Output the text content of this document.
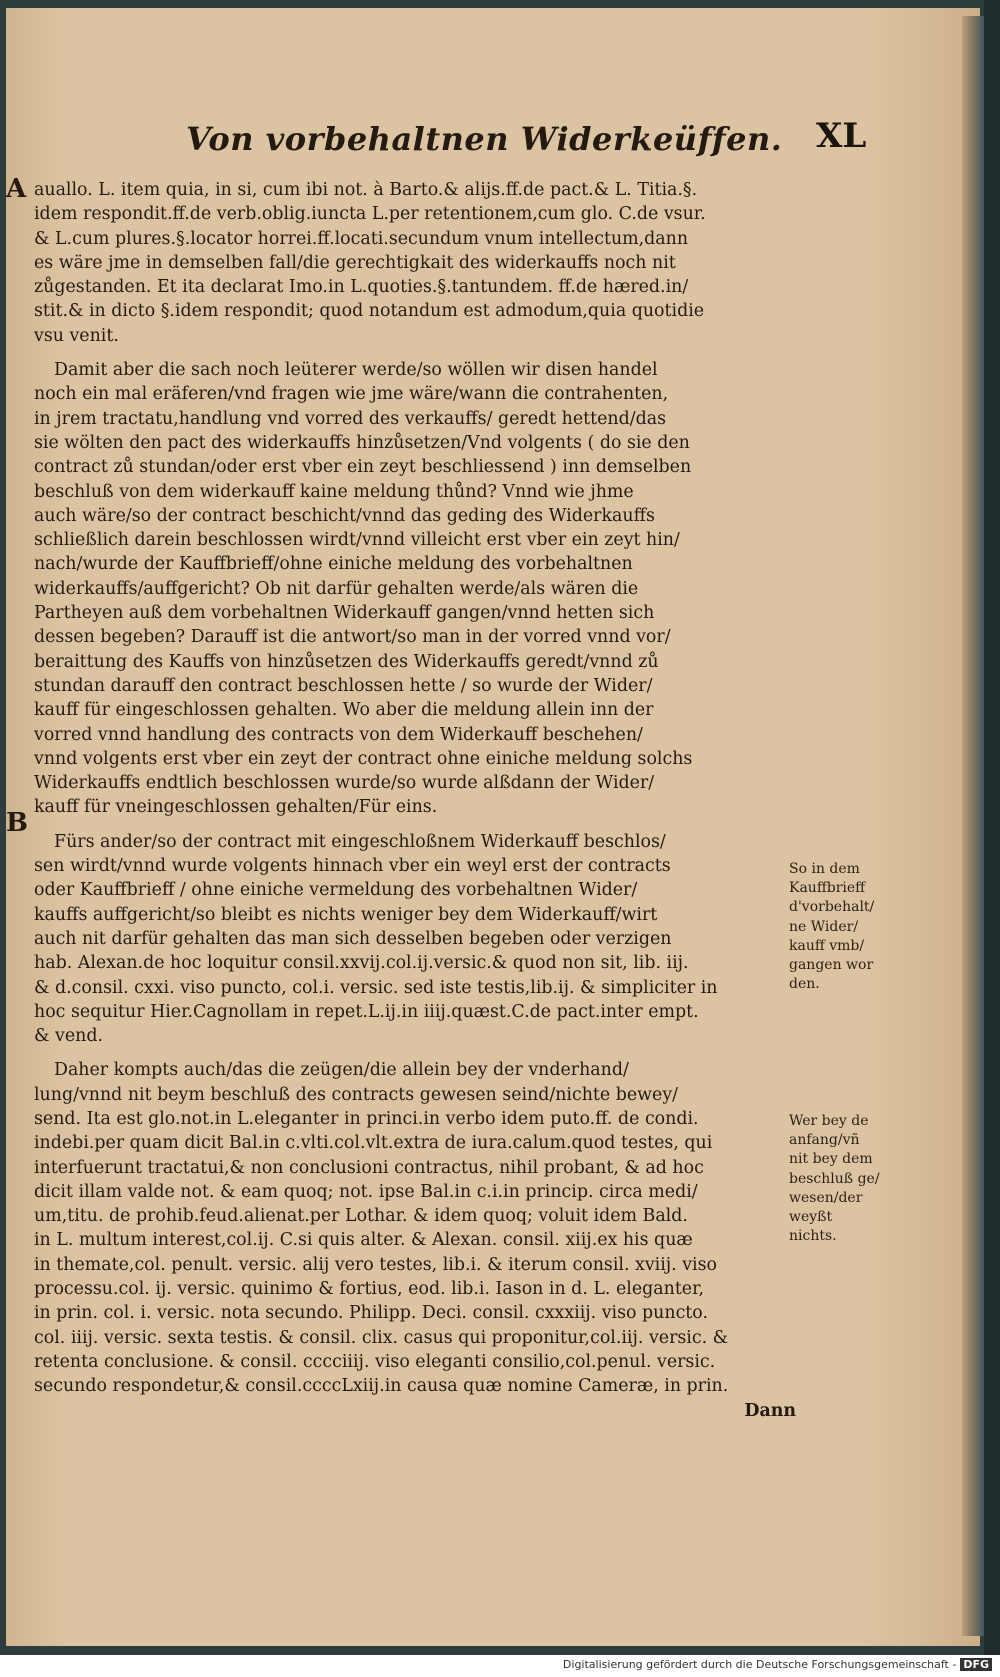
Von vorbehaltnen Widerkeüffen. XL
A
B
auallo. L. item quia, in si, cum ibi not. à Barto.& alijs.ff.de pact.& L. Titia.§.
idem respondit.ff.de verb.oblig.iuncta L.per retentionem,cum glo. C.de vsur.
& L.cum plures.§.locator horrei.ff.locati.secundum vnum intellectum,dann
es wäre jme in demselben fall/die gerechtigkait des widerkauffs noch nit
zůgestanden. Et ita declarat Imo.in L.quoties.§.tantundem. ff.de hæred.in/
stit.& in dicto §.idem respondit; quod notandum est admodum,quia quotidie
vsu venit.
Damit aber die sach noch leüterer werde/so wöllen wir disen handel
noch ein mal eräferen/vnd fragen wie jme wäre/wann die contrahenten,
in jrem tractatu,handlung vnd vorred des verkauffs/ geredt hettend/das
sie wölten den pact des widerkauffs hinzůsetzen/Vnd volgents ( do sie den
contract zů stundan/oder erst vber ein zeyt beschliessend ) inn demselben
beschluß von dem widerkauff kaine meldung thůnd? Vnnd wie jhme
auch wäre/so der contract beschicht/vnnd das geding des Widerkauffs
schließlich darein beschlossen wirdt/vnnd villeicht erst vber ein zeyt hin/
nach/wurde der Kauffbrieff/ohne einiche meldung des vorbehaltnen
widerkauffs/auffgericht? Ob nit darfür gehalten werde/als wären die
Partheyen auß dem vorbehaltnen Widerkauff gangen/vnnd hetten sich
dessen begeben? Darauff ist die antwort/so man in der vorred vnnd vor/
beraittung des Kauffs von hinzůsetzen des Widerkauffs geredt/vnnd zů
stundan darauff den contract beschlossen hette / so wurde der Wider/
kauff für eingeschlossen gehalten. Wo aber die meldung allein inn der
vorred vnnd handlung des contracts von dem Widerkauff beschehen/
vnnd volgents erst vber ein zeyt der contract ohne einiche meldung solchs
Widerkauffs endtlich beschlossen wurde/so wurde alßdann der Wider/
kauff für vneingeschlossen gehalten/Für eins.
Fürs ander/so der contract mit eingeschloßnem Widerkauff beschlos/
sen wirdt/vnnd wurde volgents hinnach vber ein weyl erst der contracts
oder Kauffbrieff / ohne einiche vermeldung des vorbehaltnen Wider/
kauffs auffgericht/so bleibt es nichts weniger bey dem Widerkauff/wirt
auch nit darfür gehalten das man sich desselben begeben oder verzigen
hab. Alexan.de hoc loquitur consil.xxvij.col.ij.versic.& quod non sit, lib. iij.
& d.consil. cxxi. viso puncto, col.i. versic. sed iste testis,lib.ij. & simpliciter in
hoc sequitur Hier.Cagnollam in repet.L.ij.in iiij.quæst.C.de pact.inter empt.
& vend.
Daher kompts auch/das die zeügen/die allein bey der vnderhand/
lung/vnnd nit beym beschluß des contracts gewesen seind/nichte bewey/
send. Ita est glo.not.in L.eleganter in princi.in verbo idem puto.ff. de condi.
indebi.per quam dicit Bal.in c.vlti.col.vlt.extra de iura.calum.quod testes, qui
interfuerunt tractatui,& non conclusioni contractus, nihil probant, & ad hoc
dicit illam valde not. & eam quoq; not. ipse Bal.in c.i.in princip. circa medi/
um,titu. de prohib.feud.alienat.per Lothar. & idem quoq; voluit idem Bald.
in L. multum interest,col.ij. C.si quis alter. & Alexan. consil. xiij.ex his quæ
in themate,col. penult. versic. alij vero testes, lib.i. & iterum consil. xviij. viso
processu.col. ij. versic. quinimo & fortius, eod. lib.i. Iason in d. L. eleganter,
in prin. col. i. versic. nota secundo. Philipp. Deci. consil. cxxxiij. viso puncto.
col. iiij. versic. sexta testis. & consil. clix. casus qui proponitur,col.iij. versic. &
retenta conclusione. & consil. cccciiij. viso eleganti consilio,col.penul. versic.
secundo respondetur,& consil.ccccLxiij.in causa quæ nomine Cameræ, in prin.
Dann
So in dem
Kauffbrieff
d'vorbehalt/
ne Wider/
kauff vmb/
gangen wor
den.
Wer bey de
anfang/vñ
nit bey dem
beschluß ge/
wesen/der
weyßt
nichts.
Digitalisierung gefördert durch die Deutsche Forschungsgemeinschaft - DFG
